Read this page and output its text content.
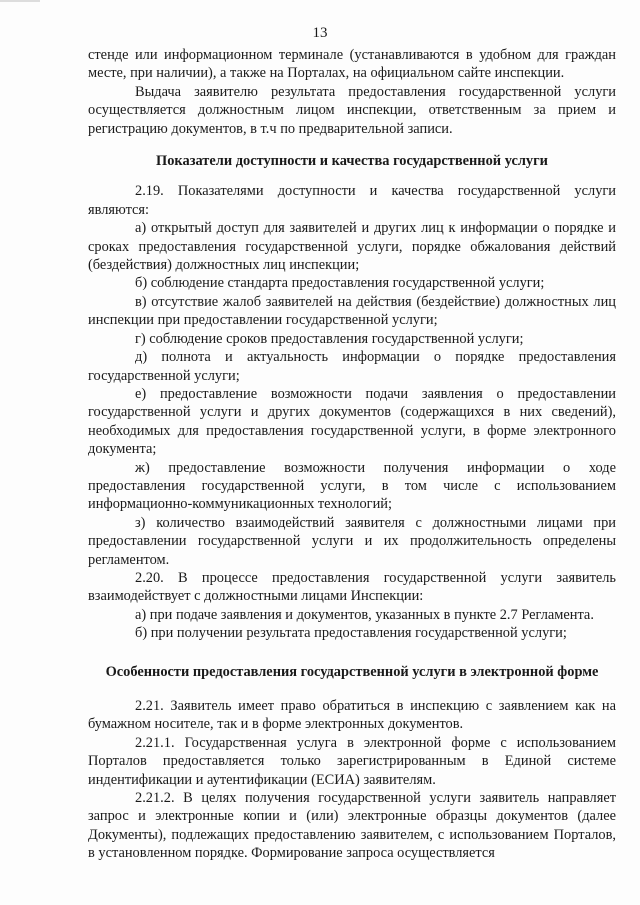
13

стенде или информационном терминале (устанавливаются в удобном для граждан месте, при наличии), а также на Порталах, на официальном сайте инспекции.

Выдача заявителю результата предоставления государственной услуги осуществляется должностным лицом инспекции, ответственным за прием и регистрацию документов, в т.ч по предварительной записи.

Показатели доступности и качества государственной услуги

2.19. Показателями доступности и качества государственной услуги являются:

а) открытый доступ для заявителей и других лиц к информации о порядке и сроках предоставления государственной услуги, порядке обжалования действий (бездействия) должностных лиц инспекции;

б) соблюдение стандарта предоставления государственной услуги;

в) отсутствие жалоб заявителей на действия (бездействие) должностных лиц инспекции при предоставлении государственной услуги;

г) соблюдение сроков предоставления государственной услуги;

д) полнота и актуальность информации о порядке предоставления государственной услуги;

е) предоставление возможности подачи заявления о предоставлении государственной услуги и других документов (содержащихся в них сведений), необходимых для предоставления государственной услуги, в форме электронного документа;

ж) предоставление возможности получения информации о ходе предоставления государственной услуги, в том числе с использованием информационно-коммуникационных технологий;

з) количество взаимодействий заявителя с должностными лицами при предоставлении государственной услуги и их продолжительность определены регламентом.

2.20. В процессе предоставления государственной услуги заявитель взаимодействует с должностными лицами Инспекции:

а) при подаче заявления и документов, указанных в пункте 2.7 Регламента.

б) при получении результата предоставления государственной услуги;

Особенности предоставления государственной услуги в электронной форме

2.21. Заявитель имеет право обратиться в инспекцию с заявлением как на бумажном носителе, так и в форме электронных документов.

2.21.1. Государственная услуга в электронной форме с использованием Порталов предоставляется только зарегистрированным в Единой системе индентификации и аутентификации (ЕСИА) заявителям.

2.21.2. В целях получения государственной услуги заявитель направляет запрос и электронные копии и (или) электронные образцы документов (далее Документы), подлежащих предоставлению заявителем, с использованием Порталов, в установленном порядке. Формирование запроса осуществляется
